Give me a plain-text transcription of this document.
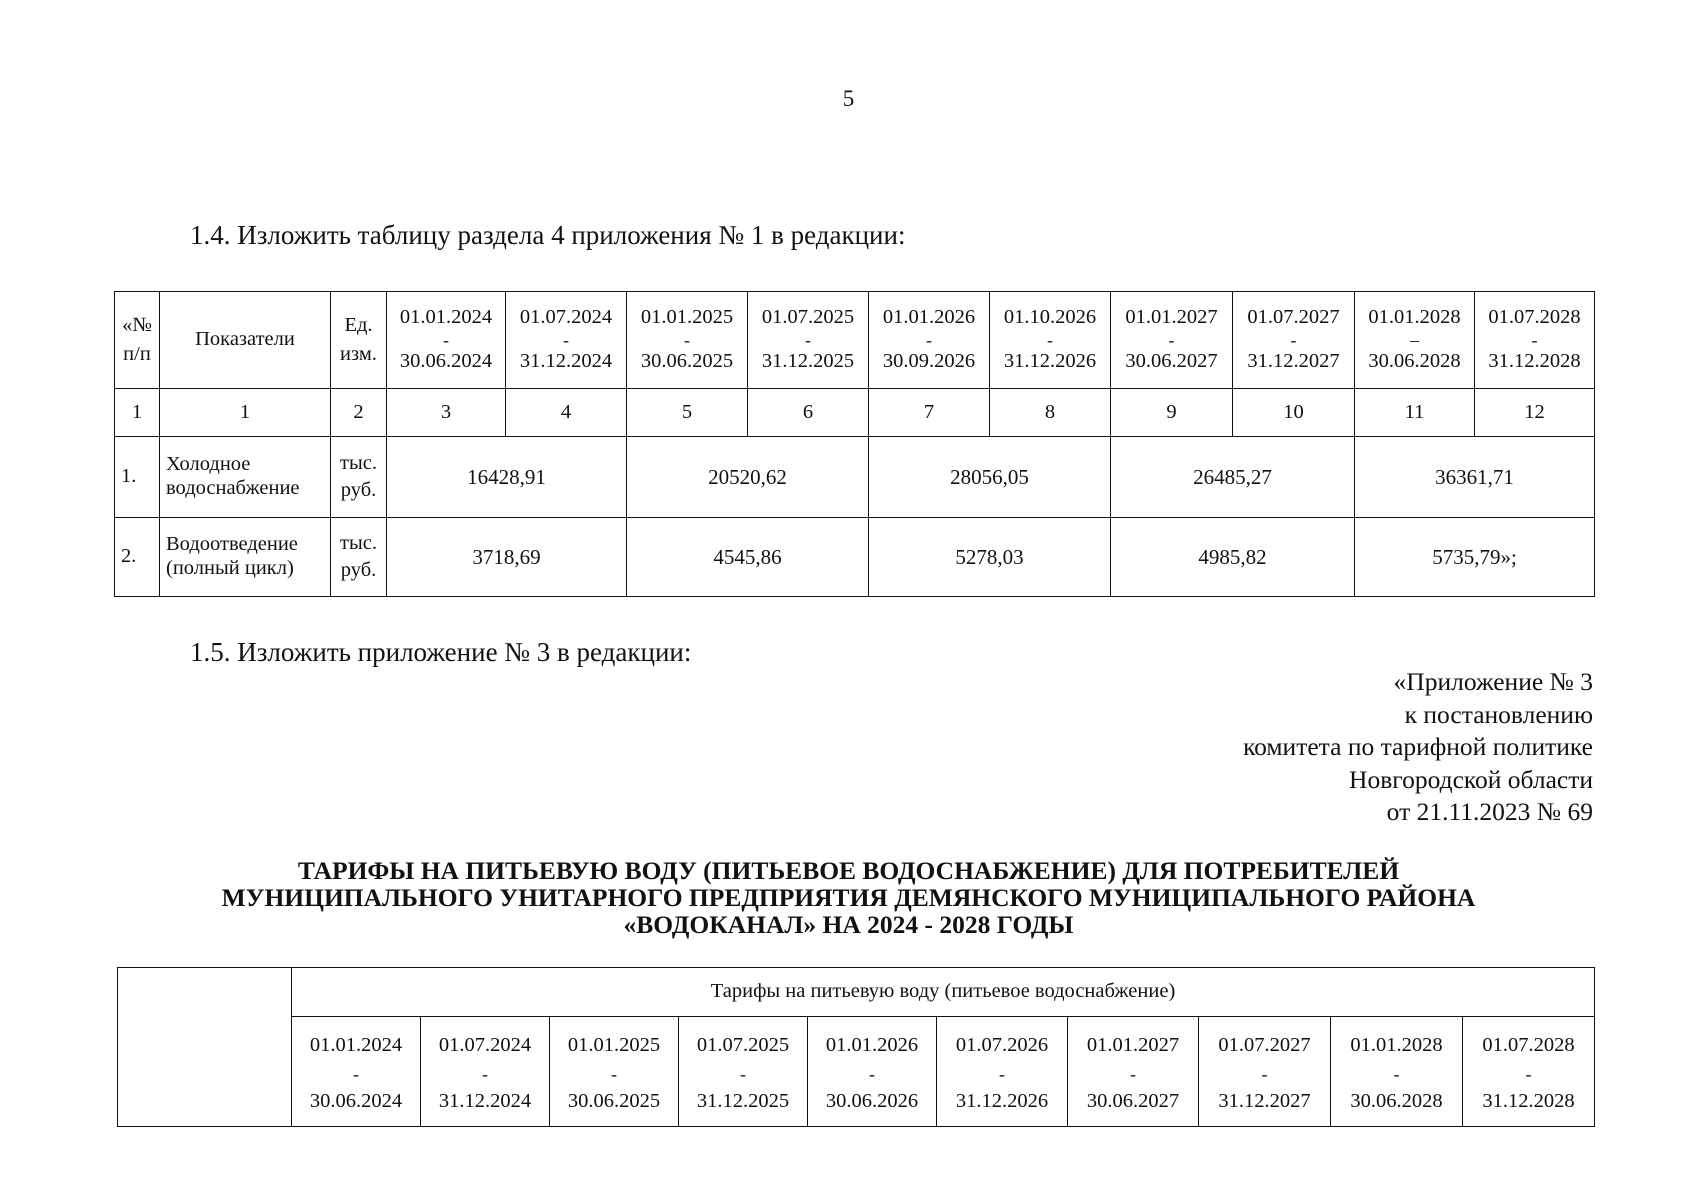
5
1.4. Изложить таблицу раздела 4 приложения № 1 в редакции:
«№ п/п	Показатели	Ед. изм.	01.01.2024
-
30.06.2024	01.07.2024
-
31.12.2024	01.01.2025
-
30.06.2025	01.07.2025
-
31.12.2025	01.01.2026
-
30.09.2026	01.10.2026
-
31.12.2026	01.01.2027
-
30.06.2027	01.07.2027
-
31.12.2027	01.01.2028
–
30.06.2028	01.07.2028
-
31.12.2028

1	1	2	3	4	5	6	7	8	9	10	11	12
1.	Холодное водоснабжение	тыс. руб.	16428,91		20520,62		28056,05		26485,27		36361,71	
2.	Водоотведение (полный цикл)	тыс. руб.	3718,69		4545,86		5278,03		4985,82		5735,79»;	
1.5. Изложить приложение № 3 в редакции:
«Приложение № 3
к постановлению
комитета по тарифной политике
Новгородской области
от 21.11.2023 № 69
ТАРИФЫ НА ПИТЬЕВУЮ ВОДУ (ПИТЬЕВОЕ ВОДОСНАБЖЕНИЕ) ДЛЯ ПОТРЕБИТЕЛЕЙ
МУНИЦИПАЛЬНОГО УНИТАРНОГО ПРЕДПРИЯТИЯ ДЕМЯНСКОГО МУНИЦИПАЛЬНОГО РАЙОНА
«ВОДОКАНАЛ» НА 2024 - 2028 ГОДЫ
	Тарифы на питьевую воду (питьевое водоснабжение)									

	01.01.2024
-
30.06.2024	01.07.2024
-
31.12.2024	01.01.2025
-
30.06.2025	01.07.2025
-
31.12.2025	01.01.2026
-
30.06.2026	01.07.2026
-
31.12.2026	01.01.2027
-
30.06.2027	01.07.2027
-
31.12.2027	01.01.2028
-
30.06.2028	01.07.2028
-
31.12.2028
